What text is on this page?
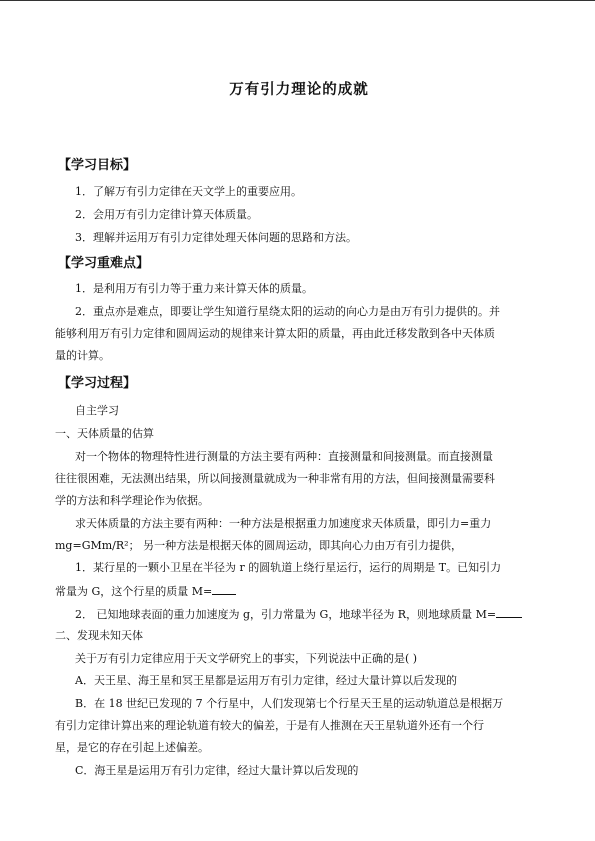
万有引力理论的成就
【学习目标】
1．了解万有引力定律在天文学上的重要应用。
2．会用万有引力定律计算天体质量。
3．理解并运用万有引力定律处理天体问题的思路和方法。
【学习重难点】
1．是利用万有引力等于重力来计算天体的质量。
2．重点亦是难点，即要让学生知道行星绕太阳的运动的向心力是由万有引力提供的。并
能够利用万有引力定律和圆周运动的规律来计算太阳的质量，再由此迁移发散到各中天体质
量的计算。
【学习过程】
自主学习
一、天体质量的估算
对一个物体的物理特性进行测量的方法主要有两种：直接测量和间接测量。而直接测量
往往很困难，无法测出结果，所以间接测量就成为一种非常有用的方法，但间接测量需要科
学的方法和科学理论作为依据。
求天体质量的方法主要有两种：一种方法是根据重力加速度求天体质量，即引力=重力
mg=GMm/R²； 另一种方法是根据天体的圆周运动，即其向心力由万有引力提供，
1．某行星的一颗小卫星在半径为 r 的圆轨道上绕行星运行，运行的周期是 T。已知引力
常量为 G，这个行星的质量 M=
2． 已知地球表面的重力加速度为 g，引力常量为 G，地球半径为 R，则地球质量 M=
二、发现未知天体
关于万有引力定律应用于天文学研究上的事实，下列说法中正确的是( )
A．天王星、海王星和冥王星都是运用万有引力定律，经过大量计算以后发现的
B．在 18 世纪已发现的 7 个行星中，人们发现第七个行星天王星的运动轨道总是根据万
有引力定律计算出来的理论轨道有较大的偏差，于是有人推测在天王星轨道外还有一个行
星，是它的存在引起上述偏差。
C．海王星是运用万有引力定律，经过大量计算以后发现的
